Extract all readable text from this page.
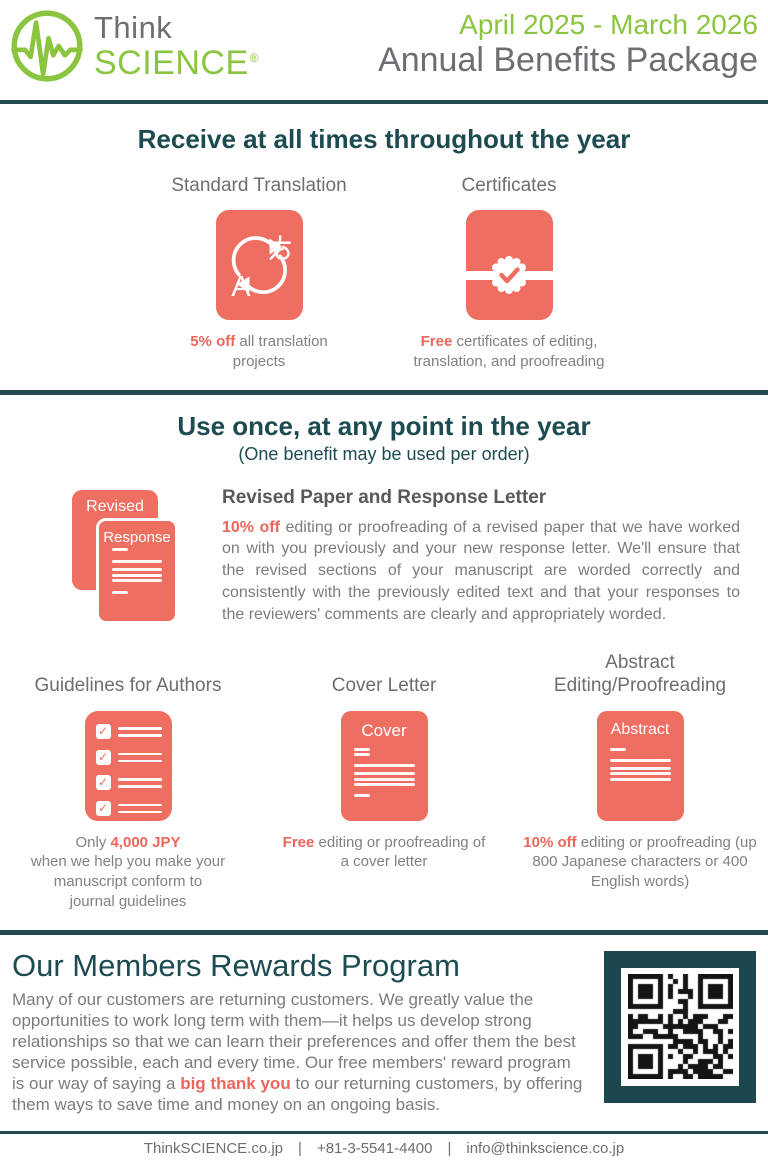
Think
SCIENCE®
April 2025 - March 2026
Annual Benefits Package
Receive at all times throughout the year
Standard Translation
A

5% off all translation projects

Certificates

Free certificates of editing, translation, and proofreading

Use once, at any point in the year
(One benefit may be used per order)
Revised
Response
Revised Paper and Response Letter

10% off editing or proofreading of a revised paper that we have worked on with you previously and your new response letter. We'll ensure that the revised sections of your manuscript are worded correctly and consistently with the previously edited text and that your responses to the reviewers' comments are clearly and appropriately worded.

Guidelines for Authors
✓
✓
✓
✓

Only 4,000 JPY
when we help you make your manuscript conform to journal guidelines

Cover Letter
Cover

Free editing or proofreading of a cover letter

Abstract Editing/Proofreading
Abstract

10% off editing or proofreading (up 800 Japanese characters or 400 English words)

Our Members Rewards Program

Many of our customers are returning customers. We greatly value the opportunities to work long term with them—it helps us develop strong relationships so that we can learn their preferences and offer them the best service possible, each and every time. Our free members' reward program is our way of saying a big thank you to our returning customers, by offering them ways to save time and money on an ongoing basis.

ThinkSCIENCE.co.jp | +81-3-5541-4400 | info@thinkscience.co.jp
